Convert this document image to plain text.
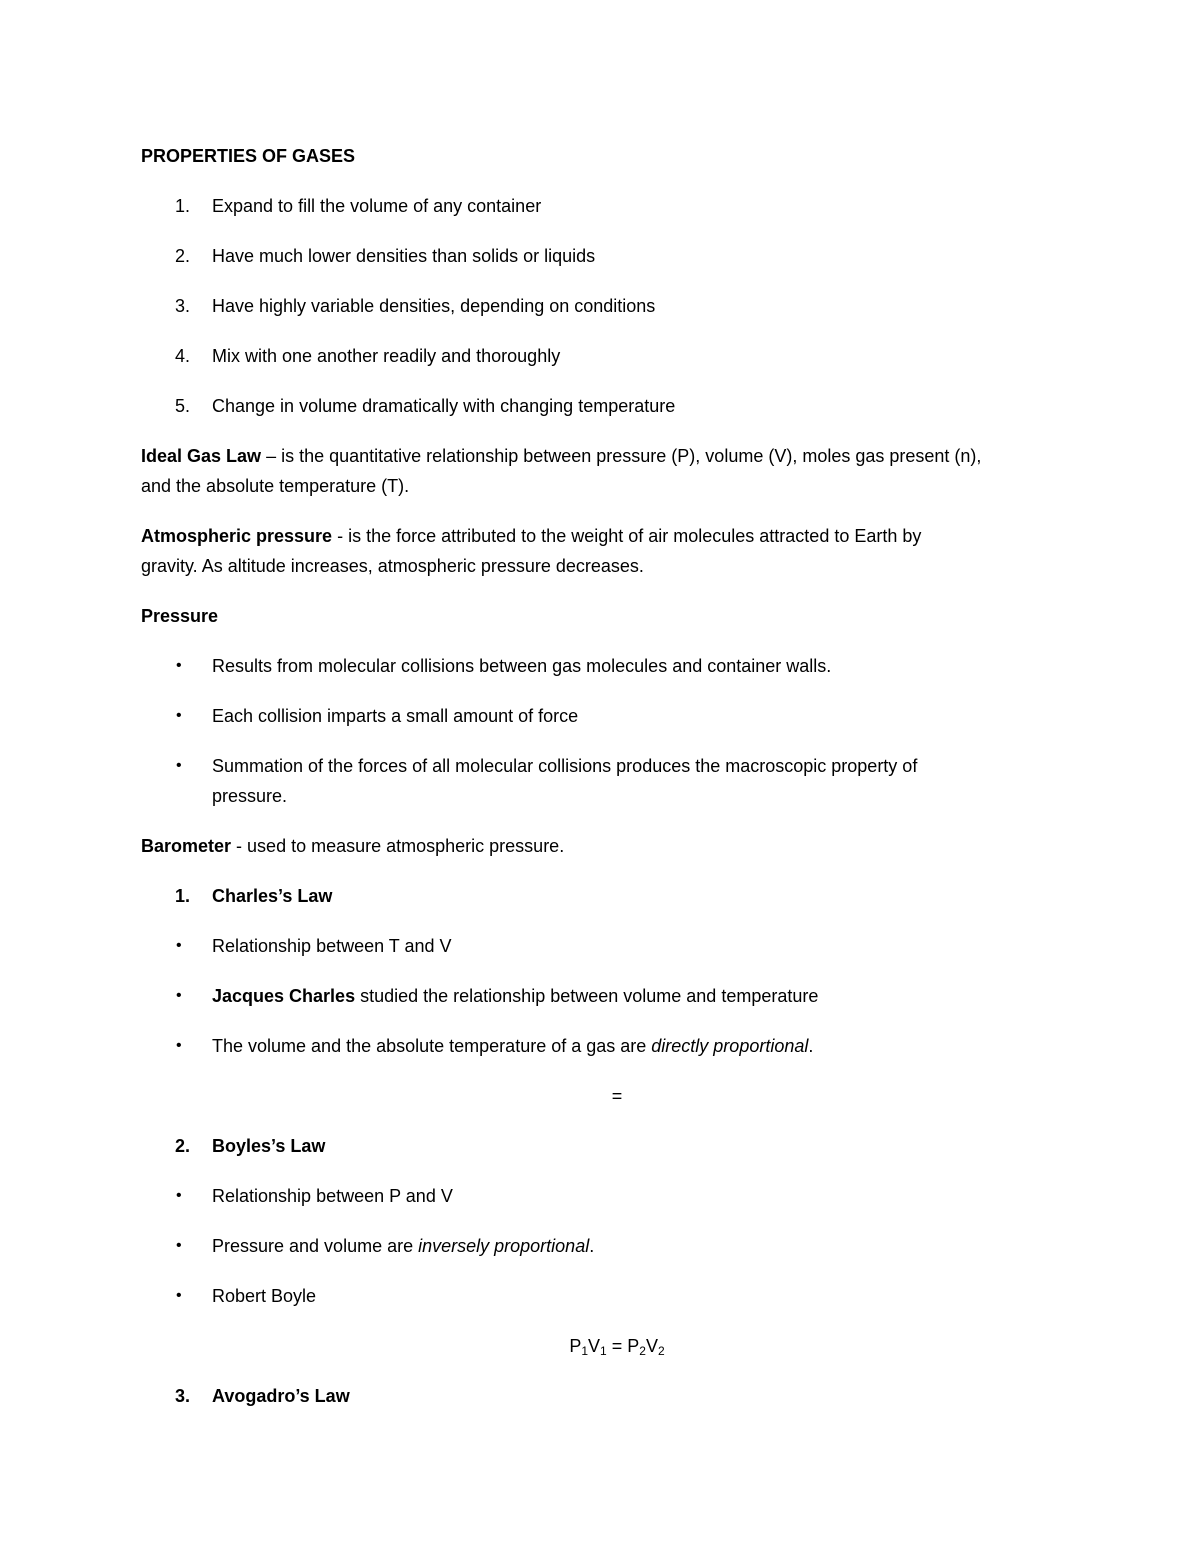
PROPERTIES OF GASES
1.	Expand to fill the volume of any container
2.	Have much lower densities than solids or liquids
3.	Have highly variable densities, depending on conditions
4.	Mix with one another readily and thoroughly
5.	Change in volume dramatically with changing temperature
Ideal Gas Law – is the quantitative relationship between pressure (P), volume (V), moles gas present (n),
and the absolute temperature (T).
Atmospheric pressure - is the force attributed to the weight of air molecules attracted to Earth by
gravity. As altitude increases, atmospheric pressure decreases.
Pressure
•	Results from molecular collisions between gas molecules and container walls.
•	Each collision imparts a small amount of force
•	Summation of the forces of all molecular collisions produces the macroscopic property of
pressure.
Barometer - used to measure atmospheric pressure.
1.	Charles’s Law
•	Relationship between T and V
•	Jacques Charles studied the relationship between volume and temperature
•	The volume and the absolute temperature of a gas are directly proportional.
=
2.	Boyles’s Law
•	Relationship between P and V
•	Pressure and volume are inversely proportional.
•	Robert Boyle
$P_1V_1 = P_2V_2$
3.	Avogadro’s Law
